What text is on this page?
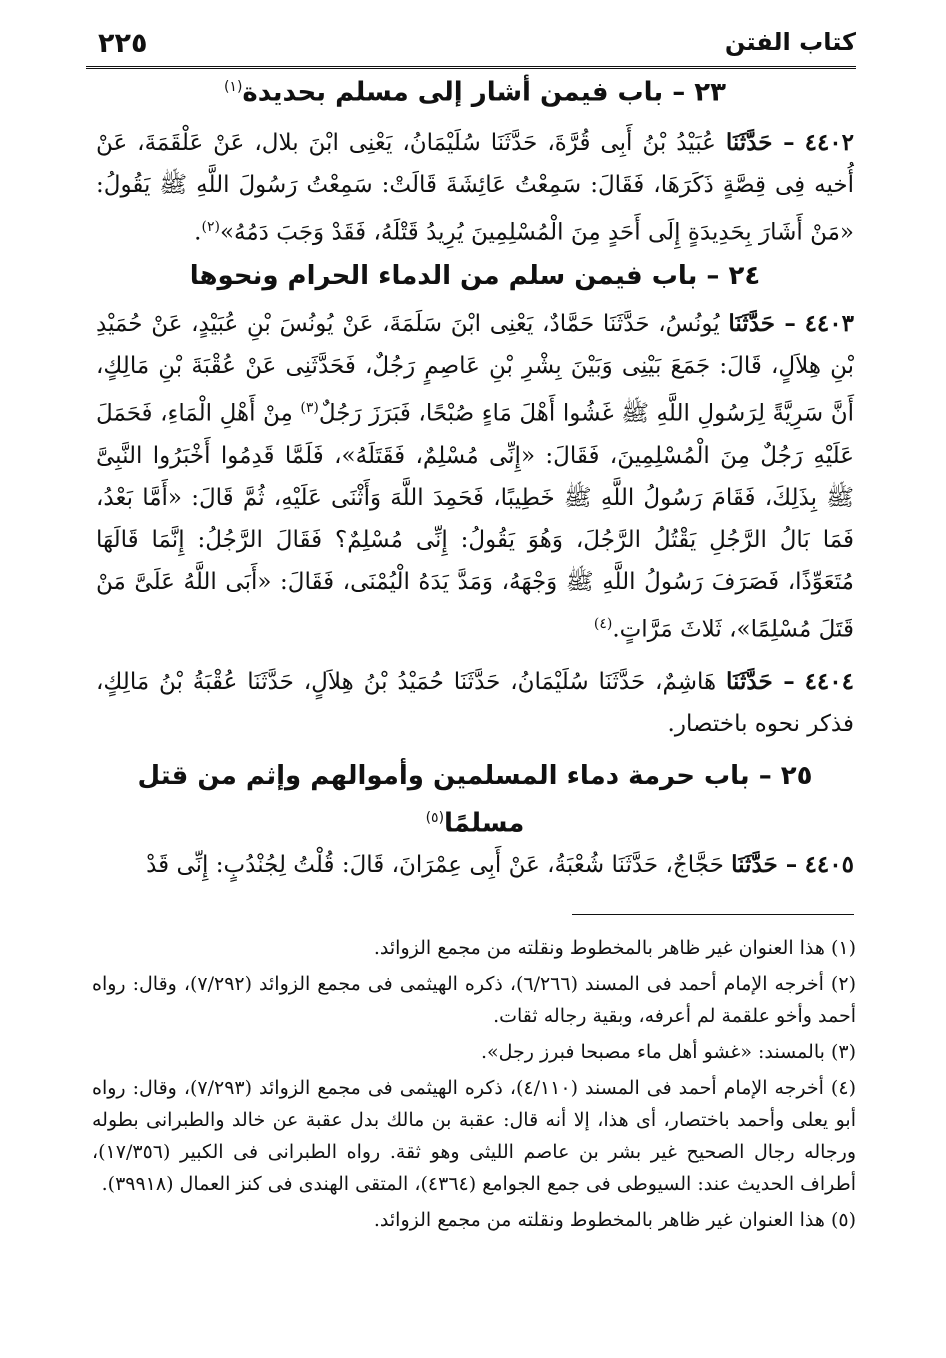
٢٢٥	كتاب الفتن

٢٣ – باب فيمن أشار إلى مسلم بحديدة$^{(١)}$

٤٤٠٢ – حَدَّثَنَا عُبَيْدُ بْنُ أَبِى قُرَّةَ، حَدَّثَنَا سُلَيْمَانُ، يَعْنِى ابْنَ بلال، عَنْ عَلْقَمَةَ، عَنْ أُخيه فِى قِصَّةٍ ذَكَرَهَا، فَقَالَ: سَمِعْتُ عَائِشَةَ قَالَتْ: سَمِعْتُ رَسُولَ اللَّهِ ﷺ يَقُولُ: «مَنْ أَشَارَ بِحَدِيدَةٍ إِلَى أَحَدٍ مِنَ الْمُسْلِمِينَ يُرِيدُ قَتْلَهُ، فَقَدْ وَجَبَ دَمُهُ»$^{(٢)}$.

٢٤ – باب فيمن سلم من الدماء الحرام ونحوها

٤٤٠٣ – حَدَّثَنَا يُونُسُ، حَدَّثَنَا حَمَّادٌ، يَعْنِى ابْنَ سَلَمَةَ، عَنْ يُونُسَ بْنِ عُبَيْدٍ، عَنْ حُمَيْدِ بْنِ هِلاَلٍ، قَالَ: جَمَعَ بَيْنِى وَبَيْنَ بِشْرِ بْنِ عَاصِمٍ رَجُلٌ، فَحَدَّثَنِى عَنْ عُقْبَةَ بْنِ مَالِكٍ، أَنَّ سَرِيَّةً لِرَسُولِ اللَّهِ ﷺ غَشُوا أَهْلَ مَاءٍ صُبْحًا، فَبَرَزَ رَجُلٌ$^{(٣)}$ مِنْ أَهْلِ الْمَاءِ، فَحَمَلَ عَلَيْهِ رَجُلٌ مِنَ الْمُسْلِمِينَ، فَقَالَ: «إِنِّى مُسْلِمٌ، فَقَتَلَهُ»، فَلَمَّا قَدِمُوا أَخْبَرُوا النَّبِىَّ ﷺ بِذَلِكَ، فَقَامَ رَسُولُ اللَّهِ ﷺ خَطِيبًا، فَحَمِدَ اللَّهَ وَأَثْنَى عَلَيْهِ، ثُمَّ قَالَ: «أَمَّا بَعْدُ، فَمَا بَالُ الرَّجُلِ يَقْتُلُ الرَّجُلَ، وَهُوَ يَقُولُ: إِنِّى مُسْلِمٌ؟ فَقَالَ الرَّجُلُ: إِنَّمَا قَالَهَا مُتَعَوِّذًا، فَصَرَفَ رَسُولُ اللَّهِ ﷺ وَجْهَهُ، وَمَدَّ يَدَهُ الْيُمْنَى، فَقَالَ: «أَبَى اللَّهُ عَلَىَّ مَنْ قَتَلَ مُسْلِمًا»، ثَلاثَ مَرَّاتٍ.$^{(٤)}$

٤٤٠٤ – حَدَّثَنَا هَاشِمٌ، حَدَّثَنَا سُلَيْمَانُ، حَدَّثَنَا حُمَيْدُ بْنُ هِلاَلٍ، حَدَّثَنَا عُقْبَةُ بْنُ مَالِكٍ، فذكر نحوه باختصار.

٢٥ – باب حرمة دماء المسلمين وأموالهم وإثم من قتل مسلمًا$^{(٥)}$

٤٤٠٥ – حَدَّثَنَا حَجَّاجٌ، حَدَّثَنَا شُعْبَةُ، عَنْ أَبِى عِمْرَانَ، قَالَ: قُلْتُ لِجُنْدُبٍ: إِنِّى قَدْ

(١) هذا العنوان غير ظاهر بالمخطوط ونقلته من مجمع الزوائد.

(٢) أخرجه الإمام أحمد فى المسند (٦/٢٦٦)، ذكره الهيثمى فى مجمع الزوائد (٧/٢٩٢)، وقال: رواه أحمد وأخو علقمة لم أعرفه، وبقية رجاله ثقات.

(٣) بالمسند: «غشو أهل ماء مصبحا فبرز رجل».

(٤) أخرجه الإمام أحمد فى المسند (٤/١١٠)، ذكره الهيثمى فى مجمع الزوائد (٧/٢٩٣)، وقال: رواه أبو يعلى وأحمد باختصار، أى هذا، إلا أنه قال: عقبة بن مالك بدل عقبة عن خالد والطبرانى بطوله ورجاله رجال الصحيح غير بشر بن عاصم الليثى وهو ثقة. رواه الطبرانى فى الكبير (١٧/٣٥٦)، أطراف الحديث عند: السيوطى فى جمع الجوامع (٤٣٦٤)، المتقى الهندى فى كنز العمال (٣٩٩١٨).

(٥) هذا العنوان غير ظاهر بالمخطوط ونقلته من مجمع الزوائد.
